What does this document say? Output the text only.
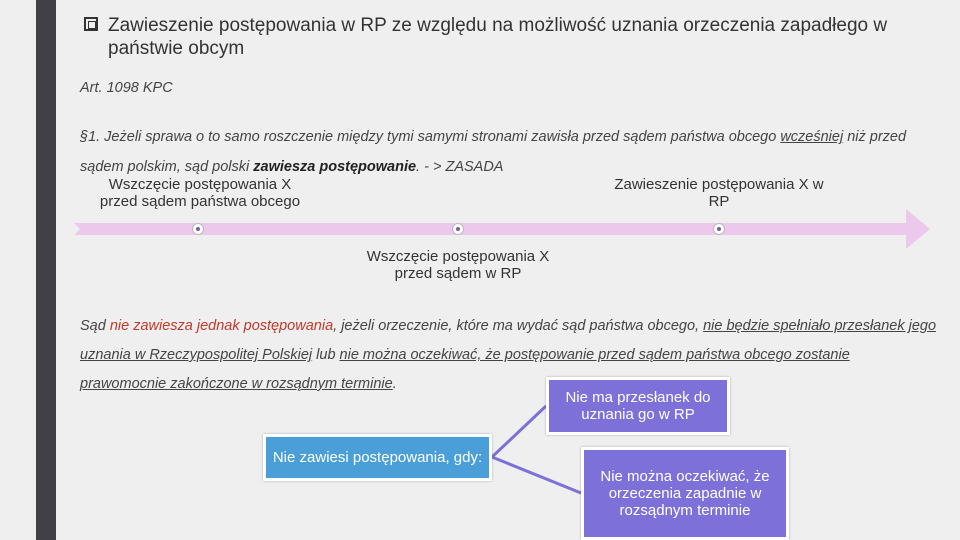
Zawieszenie postępowania w RP ze względu na możliwość uznania orzeczenia zapadłego w państwie obcym
Art. 1098 KPC
§1. Jeżeli sprawa o to samo roszczenie między tymi samymi stronami zawisła przed sądem państwa obcego wcześniej niż przed sądem polskim, sąd polski zawiesza postępowanie. - > ZASADA
Wszczęcie postępowania X
przed sądem państwa obcego
Zawieszenie postępowania X w
RP
Wszczęcie postępowania X
przed sądem w RP
Sąd nie zawiesza jednak postępowania, jeżeli orzeczenie, które ma wydać sąd państwa obcego, nie będzie spełniało przesłanek jego uznania w Rzeczypospolitej Polskiej lub nie można oczekiwać, że postępowanie przed sądem państwa obcego zostanie prawomocnie zakończone w rozsądnym terminie.
Nie ma przesłanek do uznania go w RP
Nie zawiesi postępowania, gdy:
Nie można oczekiwać, że orzeczenia zapadnie w rozsądnym terminie
